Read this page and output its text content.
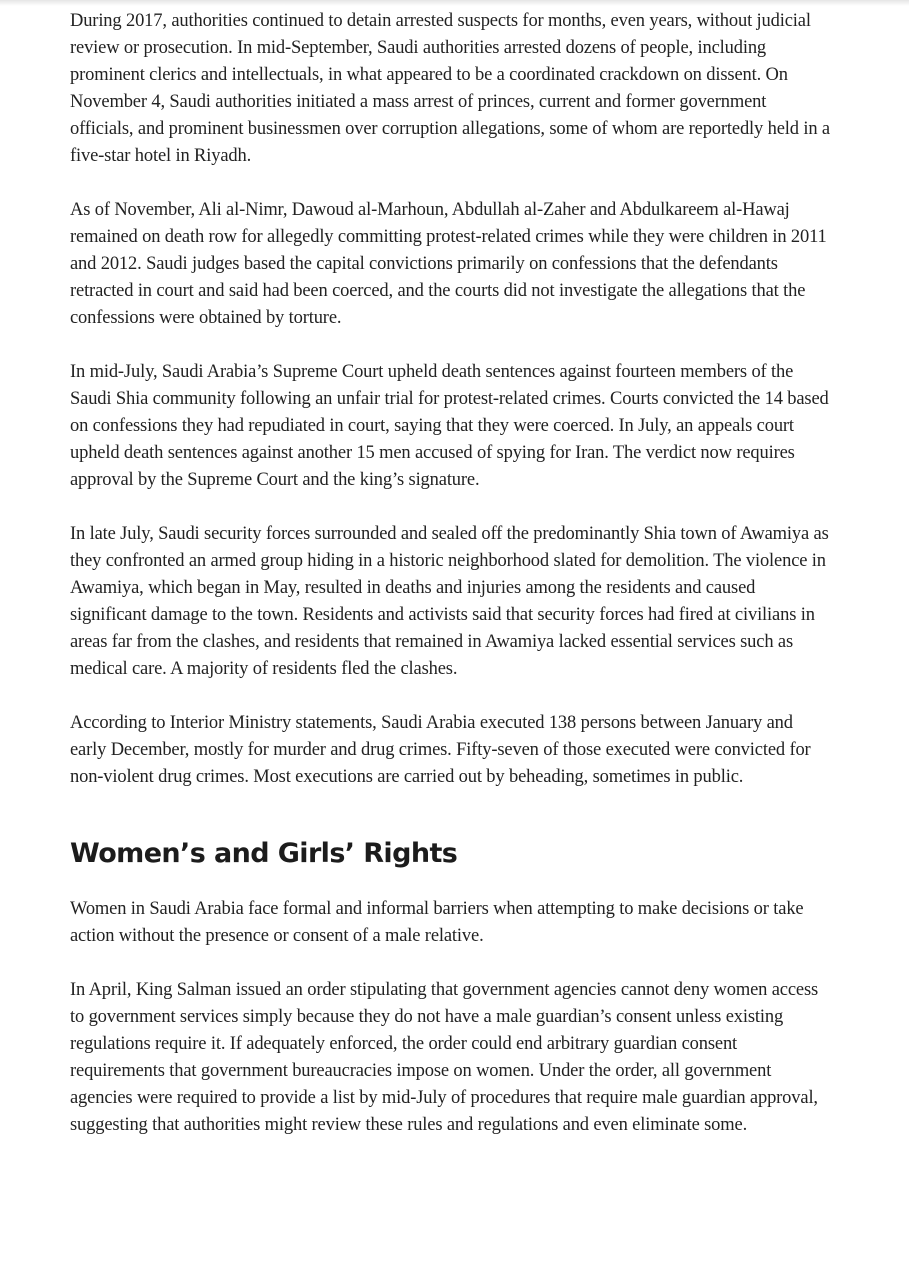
During 2017, authorities continued to detain arrested suspects for months, even years, without judicial review or prosecution. In mid-September, Saudi authorities arrested dozens of people, including prominent clerics and intellectuals, in what appeared to be a coordinated crackdown on dissent. On November 4, Saudi authorities initiated a mass arrest of princes, current and former government officials, and prominent businessmen over corruption allegations, some of whom are reportedly held in a five-star hotel in Riyadh.

As of November, Ali al-Nimr, Dawoud al-Marhoun, Abdullah al-Zaher and Abdulkareem al-Hawaj remained on death row for allegedly committing protest-related crimes while they were children in 2011 and 2012. Saudi judges based the capital convictions primarily on confessions that the defendants retracted in court and said had been coerced, and the courts did not investigate the allegations that the confessions were obtained by torture.

In mid-July, Saudi Arabia’s Supreme Court upheld death sentences against fourteen members of the Saudi Shia community following an unfair trial for protest-related crimes. Courts convicted the 14 based on confessions they had repudiated in court, saying that they were coerced. In July, an appeals court upheld death sentences against another 15 men accused of spying for Iran. The verdict now requires approval by the Supreme Court and the king’s signature.

In late July, Saudi security forces surrounded and sealed off the predominantly Shia town of Awamiya as they confronted an armed group hiding in a historic neighborhood slated for demolition. The violence in Awamiya, which began in May, resulted in deaths and injuries among the residents and caused significant damage to the town. Residents and activists said that security forces had fired at civilians in areas far from the clashes, and residents that remained in Awamiya lacked essential services such as medical care. A majority of residents fled the clashes.

According to Interior Ministry statements, Saudi Arabia executed 138 persons between January and early December, mostly for murder and drug crimes. Fifty-seven of those executed were convicted for non-violent drug crimes. Most executions are carried out by beheading, sometimes in public.

Women’s and Girls’ Rights

Women in Saudi Arabia face formal and informal barriers when attempting to make decisions or take action without the presence or consent of a male relative.

In April, King Salman issued an order stipulating that government agencies cannot deny women access to government services simply because they do not have a male guardian’s consent unless existing regulations require it. If adequately enforced, the order could end arbitrary guardian consent requirements that government bureaucracies impose on women. Under the order, all government agencies were required to provide a list by mid-July of procedures that require male guardian approval, suggesting that authorities might review these rules and regulations and even eliminate some.
